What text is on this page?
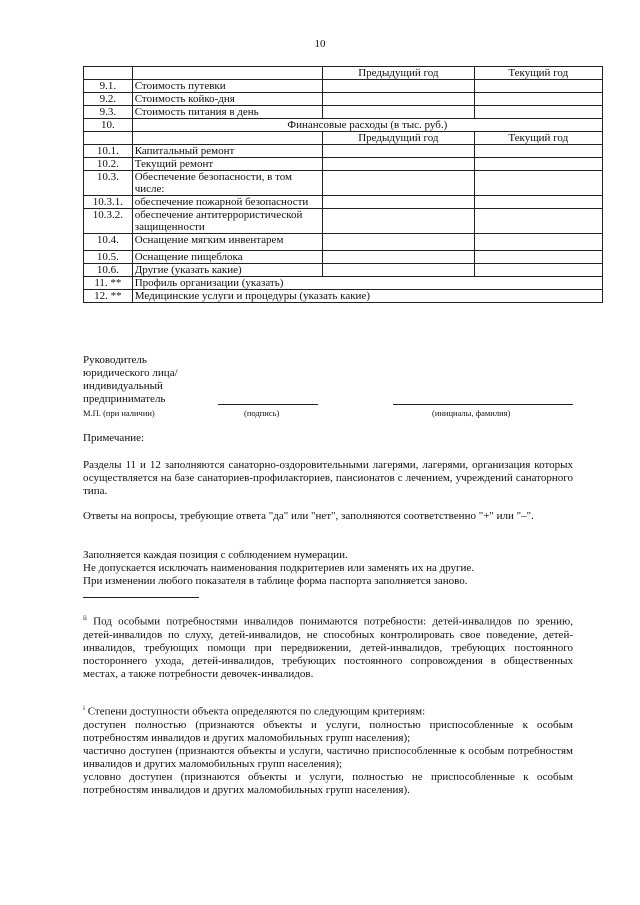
10
		Предыдущий год	Текущий год
9.1.	Стоимость путевки		
9.2.	Стоимость койко-дня		
9.3.	Стоимость питания в день		
10.	Финансовые расходы (в тыс. руб.)		
		Предыдущий год	Текущий год
10.1.	Капитальный ремонт		
10.2.	Текущий ремонт		
10.3.	Обеспечение безопасности, в том числе:		
10.3.1.	обеспечение пожарной безопасности		
10.3.2.	обеспечение антитеррористической защищенности		
10.4.	Оснащение мягким инвентарем		
10.5.	Оснащение пищеблока		
10.6.	Другие (указать какие)		
11. **	Профиль организации (указать)		
12. **	Медицинские услуги и процедуры (указать какие)		
Руководитель
юридического лица/
индивидуальный
предприниматель
М.П. (при наличии)	(подпись)	(инициалы, фамилия)
Примечание:
Разделы 11 и 12 заполняются санаторно-оздоровительными лагерями, лагерями, организация которых осуществляется на базе санаториев-профилакториев, пансионатов с лечением, учреждений санаторного типа.
Ответы на вопросы, требующие ответа "да" или "нет", заполняются соответственно "+" или "–".
Заполняется каждая позиция с соблюдением нумерации.
Не допускается исключать наименования подкритериев или заменять их на другие.
При изменении любого показателя в таблице форма паспорта заполняется заново.

$^{ii}$ Под особыми потребностями инвалидов понимаются потребности: детей-инвалидов по зрению, детей-инвалидов по слуху, детей-инвалидов, не способных контролировать свое поведение, детей-инвалидов, требующих помощи при передвижении, детей-инвалидов, требующих постоянного постороннего ухода, детей-инвалидов, требующих постоянного сопровождения в общественных местах, а также потребности девочек-инвалидов.

$^i$ Степени доступности объекта определяются по следующим критериям:

доступен полностью (признаются объекты и услуги, полностью приспособленные к особым потребностям инвалидов и других маломобильных групп населения);

частично доступен (признаются объекты и услуги, частично приспособленные к особым потребностям инвалидов и других маломобильных групп населения);

условно доступен (признаются объекты и услуги, полностью не приспособленные к особым потребностям инвалидов и других маломобильных групп населения).
